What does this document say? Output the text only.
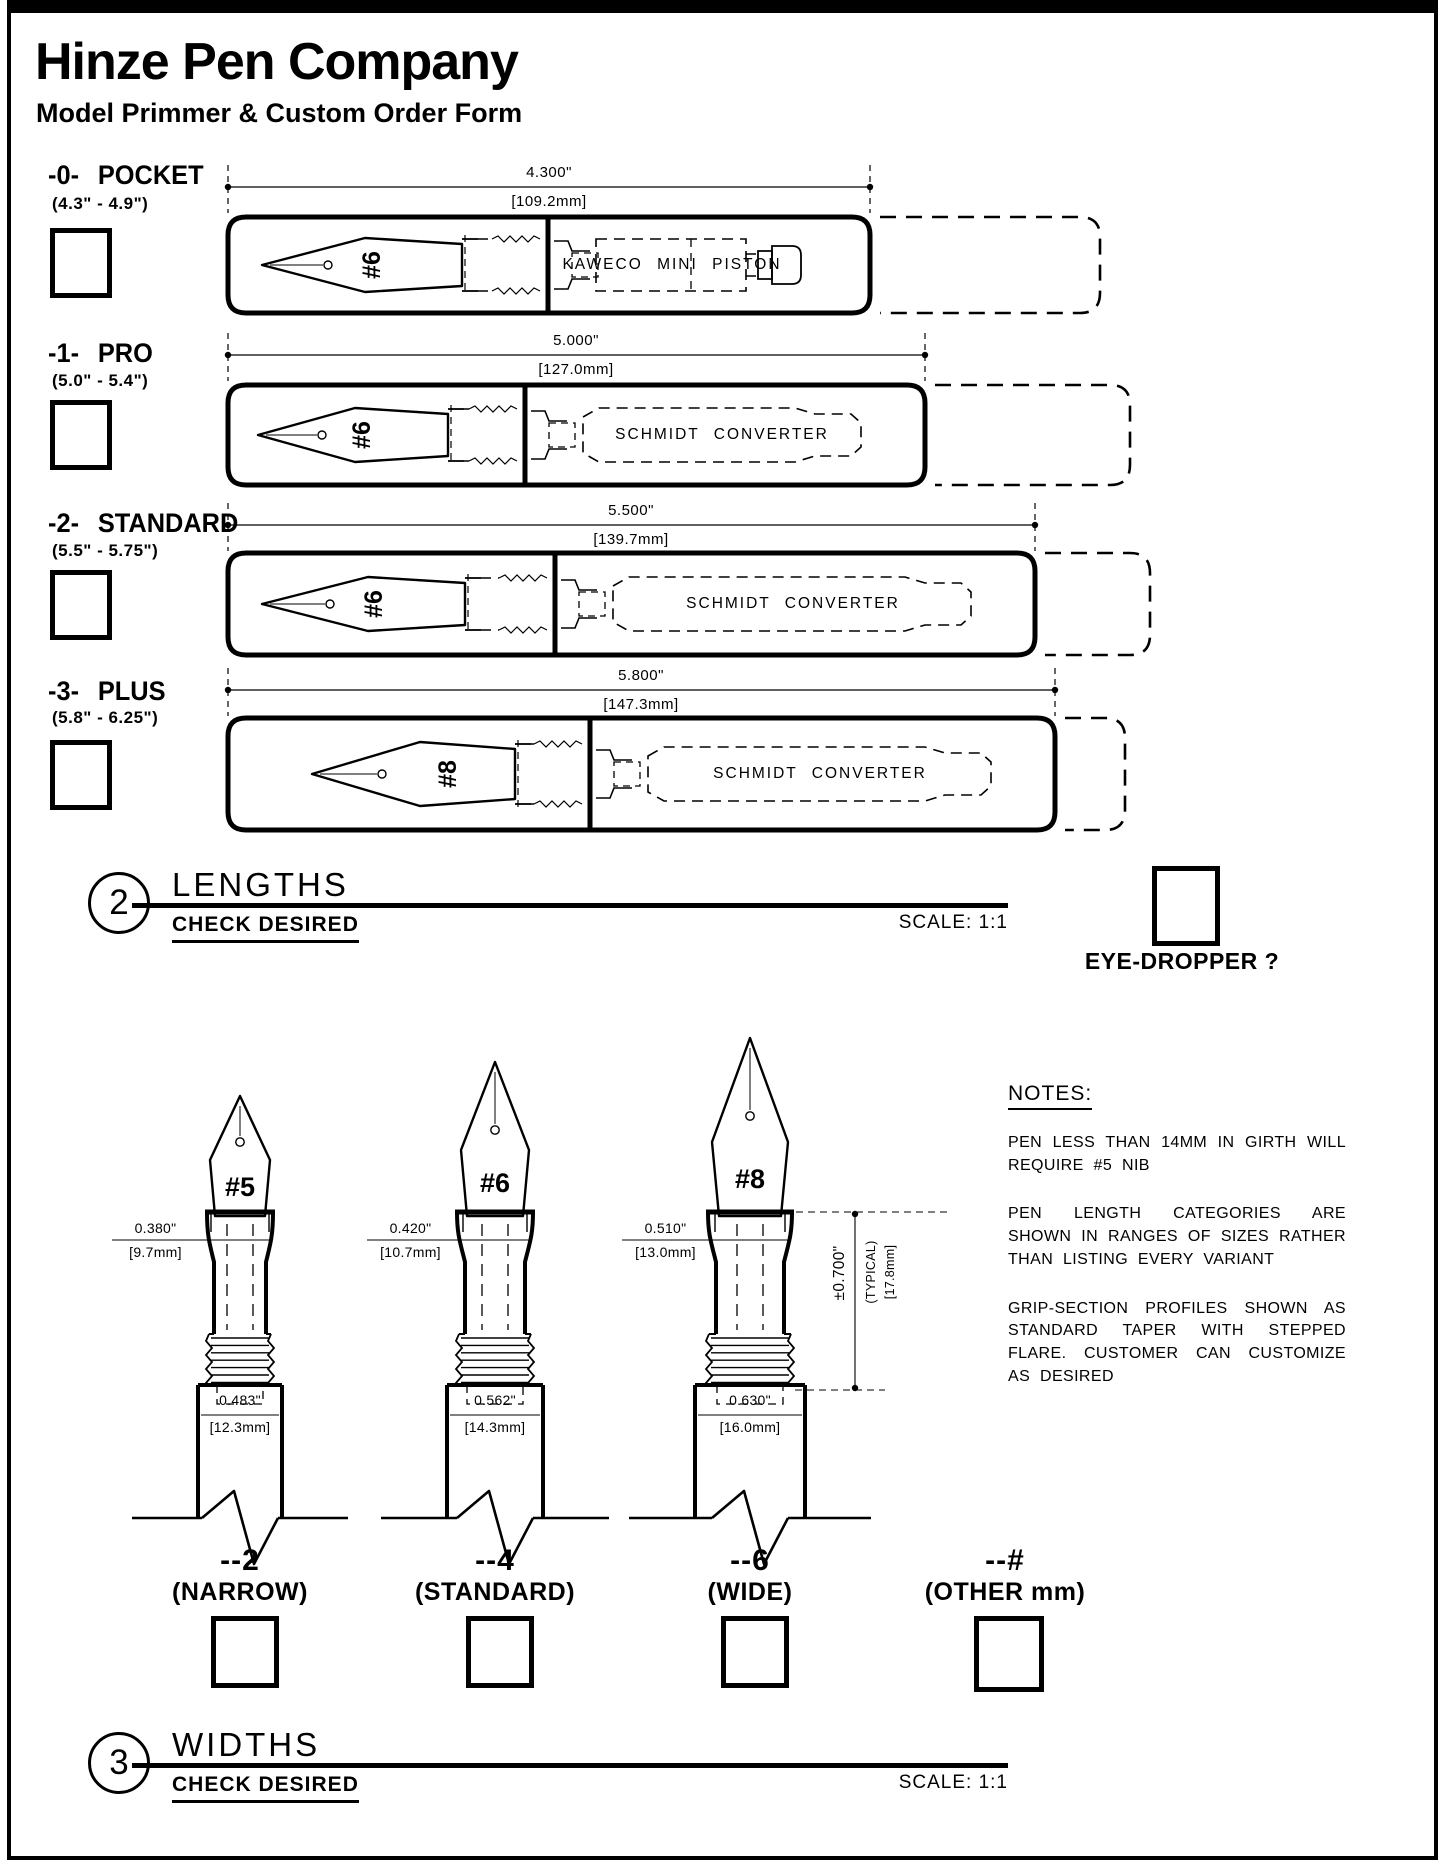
Hinze Pen Company
Model Primmer & Custom Order Form
-0- POCKET
(4.3" - 4.9")
4.300"
[109.2mm]
#6	KAWECO MINI PISTON
-1- PRO
(5.0" - 5.4")
5.000"
[127.0mm]
#6	SCHMIDT CONVERTER
-2- STANDARD
(5.5" - 5.75")
5.500"
[139.7mm]
#6	SCHMIDT CONVERTER
-3- PLUS
(5.8" - 6.25")
5.800"
[147.3mm]
#8	SCHMIDT CONVERTER
2	LENGTHS
CHECK DESIRED	SCALE: 1:1
EYE-DROPPER ?
#5
0.380"
[9.7mm]
0.483"
[12.3mm]
--2
(NARROW)
#6
0.420"
[10.7mm]
0.562"
[14.3mm]
--4
(STANDARD)
#8
0.510"
[13.0mm]
0.630"
[16.0mm]
--6
(WIDE)
±0.700" (TYPICAL) [17.8mm]
--#
(OTHER mm)
NOTES:

PEN LESS THAN 14MM IN GIRTH WILL REQUIRE #5 NIB

PEN LENGTH CATEGORIES ARE SHOWN IN RANGES OF SIZES RATHER THAN LISTING EVERY VARIANT

GRIP-SECTION PROFILES SHOWN AS STANDARD TAPER WITH STEPPED FLARE. CUSTOMER CAN CUSTOMIZE AS DESIRED

3	WIDTHS
CHECK DESIRED	SCALE: 1:1
